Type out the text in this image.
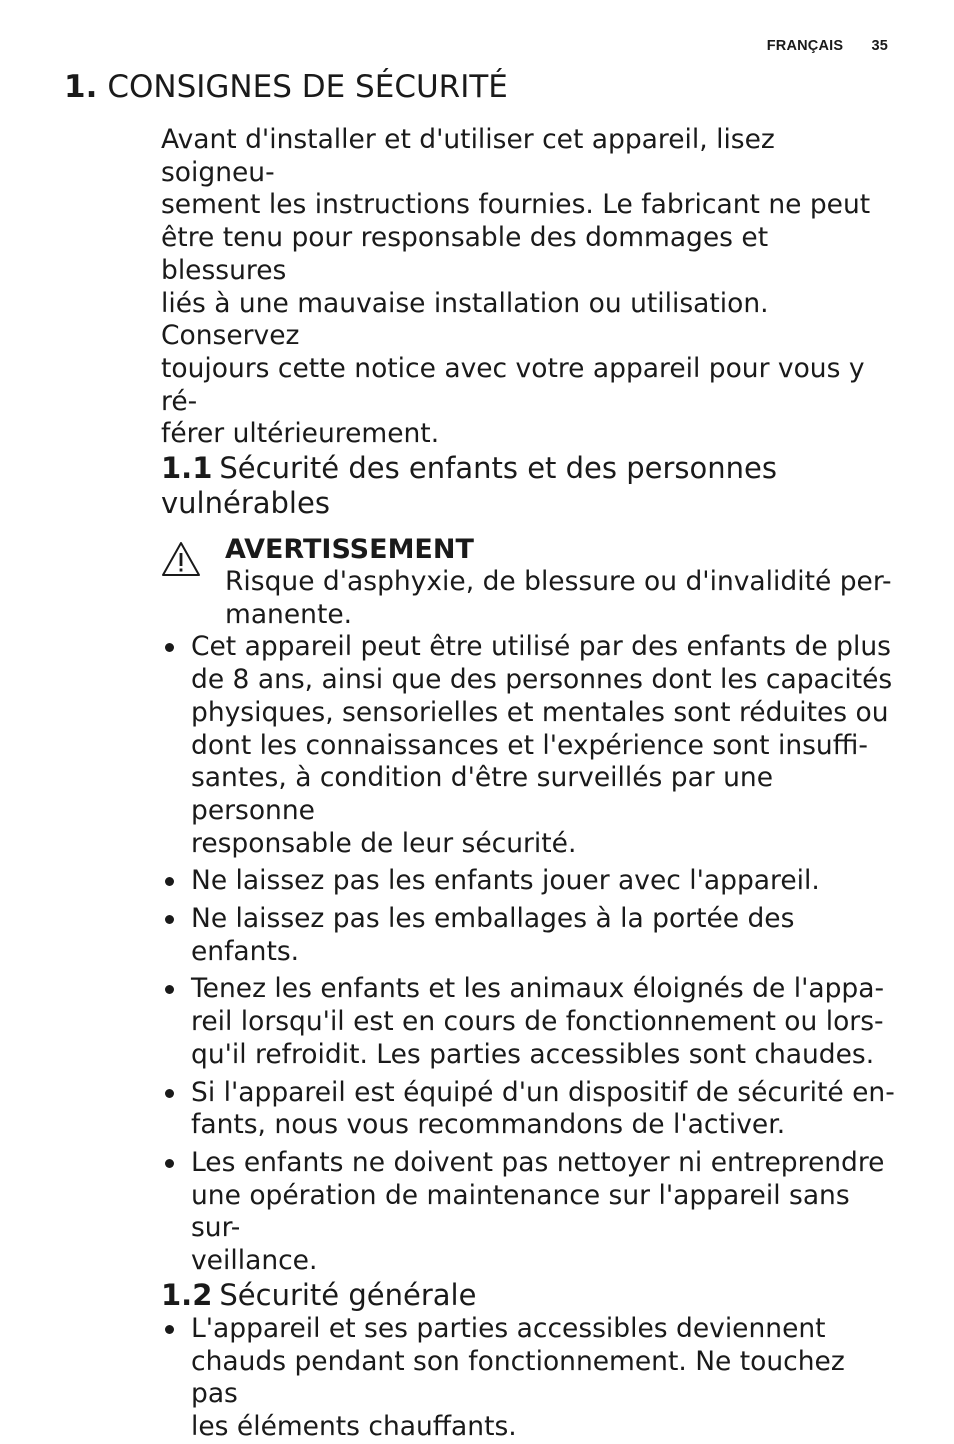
FRANÇAIS 35
1. CONSIGNES DE SÉCURITÉ

Avant d'installer et d'utiliser cet appareil, lisez soigneu-
sement les instructions fournies. Le fabricant ne peut
être tenu pour responsable des dommages et blessures
liés à une mauvaise installation ou utilisation. Conservez
toujours cette notice avec votre appareil pour vous y ré-
férer ultérieurement.

1.1 Sécurité des enfants et des personnes
vulnérables
AVERTISSEMENT

Risque d'asphyxie, de blessure ou d'invalidité per-
manente.

Cet appareil peut être utilisé par des enfants de plus
de 8 ans, ainsi que des personnes dont les capacités
physiques, sensorielles et mentales sont réduites ou
dont les connaissances et l'expérience sont insuffi-
santes, à condition d'être surveillés par une personne
responsable de leur sécurité.
Ne laissez pas les enfants jouer avec l'appareil.
Ne laissez pas les emballages à la portée des enfants.
Tenez les enfants et les animaux éloignés de l'appa-
reil lorsqu'il est en cours de fonctionnement ou lors-
qu'il refroidit. Les parties accessibles sont chaudes.
Si l'appareil est équipé d'un dispositif de sécurité en-
fants, nous vous recommandons de l'activer.
Les enfants ne doivent pas nettoyer ni entreprendre
une opération de maintenance sur l'appareil sans sur-
veillance.
1.2 Sécurité générale
L'appareil et ses parties accessibles deviennent
chauds pendant son fonctionnement. Ne touchez pas
les éléments chauffants.
